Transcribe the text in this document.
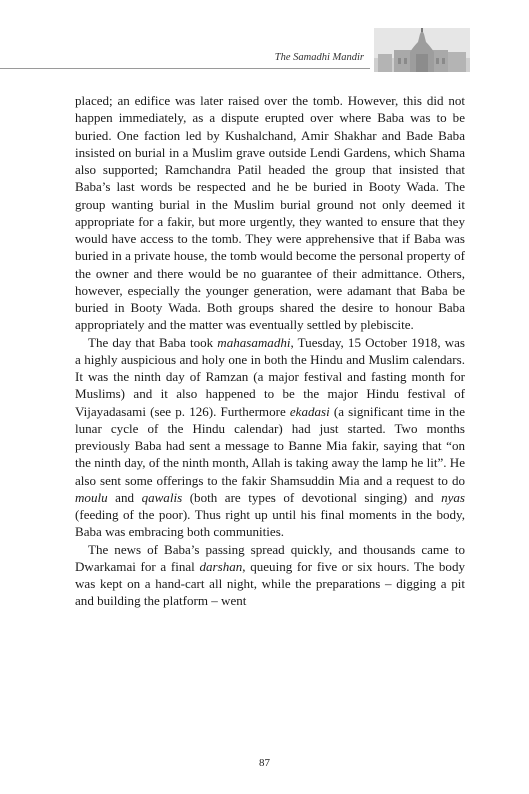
The Samadhi Mandir

placed; an edifice was later raised over the tomb. However, this did not happen immediately, as a dispute erupted over where Baba was to be buried. One faction led by Kushalchand, Amir Shakhar and Bade Baba insisted on burial in a Muslim grave outside Lendi Gardens, which Shama also supported; Ramchandra Patil headed the group that insisted that Baba’s last words be respected and he be buried in Booty Wada. The group wanting burial in the Muslim burial ground not only deemed it appropriate for a fakir, but more urgently, they wanted to ensure that they would have access to the tomb. They were apprehensive that if Baba was buried in a private house, the tomb would become the personal property of the owner and there would be no guarantee of their admittance. Others, however, especially the younger generation, were adamant that Baba be buried in Booty Wada. Both groups shared the desire to honour Baba appropriately and the matter was eventually settled by plebiscite.

The day that Baba took mahasamadhi, Tuesday, 15 October 1918, was a highly auspicious and holy one in both the Hindu and Muslim calendars. It was the ninth day of Ramzan (a major festival and fasting month for Muslims) and it also happened to be the major Hindu festival of Vijayadasami (see p. 126). Furthermore ekadasi (a significant time in the lunar cycle of the Hindu calendar) had just started. Two months previously Baba had sent a message to Banne Mia fakir, saying that “on the ninth day, of the ninth month, Allah is taking away the lamp he lit”. He also sent some offerings to the fakir Shamsuddin Mia and a request to do moulu and qawalis (both are types of devotional singing) and nyas (feeding of the poor). Thus right up until his final moments in the body, Baba was embracing both communities.

The news of Baba’s passing spread quickly, and thousands came to Dwarkamai for a final darshan, queuing for five or six hours. The body was kept on a hand-cart all night, while the preparations – digging a pit and building the platform – went

87
